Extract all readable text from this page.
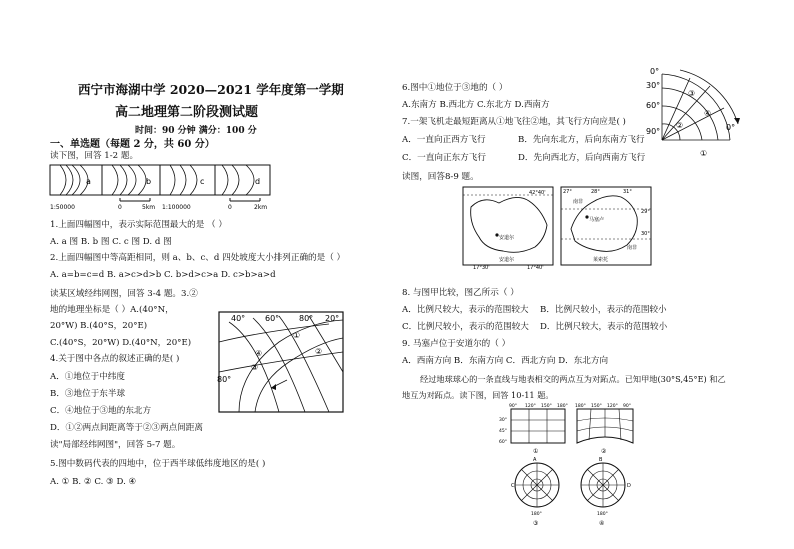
西宁市海湖中学 2020—2021 学年度第一学期
高二地理第二阶段测试题
时间：90 分钟 满分：100 分
一、单选题（每题 2 分，共 60 分）
读下图，回答 1-2 题。
a	b	c	d
1:50000	0	5km 1:100000	0	2km
1.上面四幅图中，表示实际范围最大的是 （ ）
A. a 图 B. b 图 C. c 图 D. d 图
2.上面四幅图中等高距相同，则 a、b、c、d 四处坡度大小排列正确的是（ ）
A. a=b=c=d B. a>c>d>b C. b>d>c>a D. c>b>a>d
读某区域经纬网图，回答 3-4 题。3.②
地的地理坐标是（ ）A.(40°N，
20°W) B.(40°S，20°E)
C.(40°S，20°W) D.(40°N，20°E)
4.关于图中各点的叙述正确的是( )
A．①地位于中纬度
B．③地位于东半球
C．④地位于③地的东北方
D．①②两点间距离等于②③两点间距离
读"局部经纬网图"，回答 5-7 题。
5.图中数码代表的四地中，位于西半球低纬度地区的是( )
A. ① B. ② C. ③ D. ④
40° 60° 80° 20°
80°
①
②
③
④
6.图中①地位于③地的（ ）
A.东南方 B.西北方 C.东北方 D.西南方
7.一架飞机走最短距离从①地飞往②地，其飞行方向应是( )
A．一直向正西方飞行	B．先向东北方，后向东南方飞行
C．一直向正东方飞行	D．先向西北方，后向西南方飞行
读图，回答8-9 题。
0°
30°
60°
90°	0°
①
②
③
④
42°40'
17°30'	17°40'
安道尔
安道尔
27°	28°
29°
30°
31°
南非
马塞卢
南非
莱索托
8. 与图甲比较，图乙所示（ ）
A．比例尺较大，表示的范围较大 B．比例尺较小，表示的范围较小
C．比例尺较小，表示的范围较大 D．比例尺较大，表示的范围较小
9. 马塞卢位于安道尔的（ ）
A．西南方向 B．东南方向 C．西北方向 D．东北方向
经过地球球心的一条直线与地表相交的两点互为对跖点。已知甲地(30°S,45°E) 和乙
地互为对跖点。读下图，回答 10-11 题。
90° 120° 150° 180°
30°
45°
60°
180° 150° 120° 90°
A
180°
B
180°
①	②
③	④
C	D
